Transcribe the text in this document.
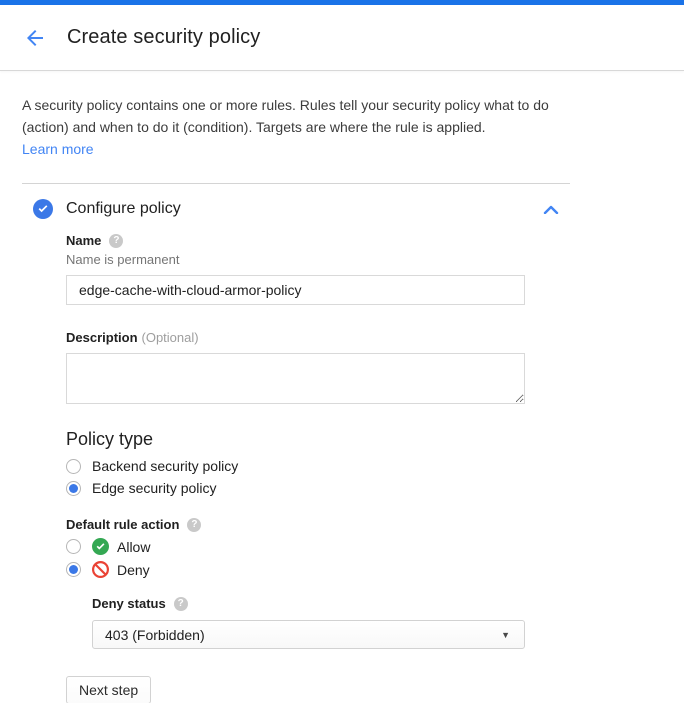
Create security policy

A security policy contains one or more rules. Rules tell your security policy what to do (action) and when to do it (condition). Targets are where the rule is applied.
Learn more

Configure policy
Name	?
Name is permanent
edge-cache-with-cloud-armor-policy
Description (Optional)
Policy type
Backend security policy
Edge security policy
Default rule action	?
Allow
Deny
Deny status	?
403 (Forbidden)	▼
Next step
